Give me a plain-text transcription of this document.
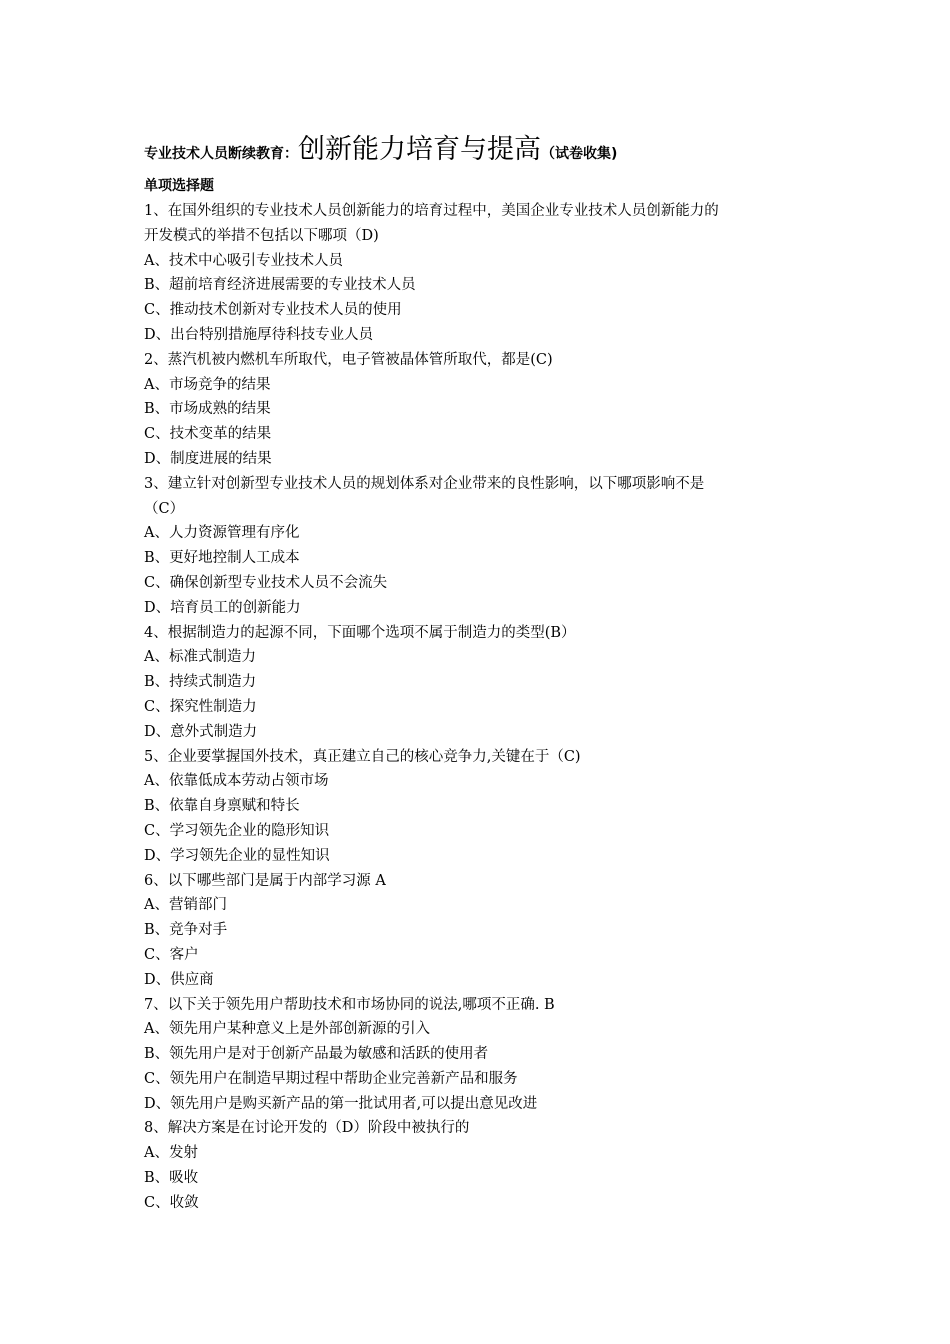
专业技术人员断续教育：创新能力培育与提高（试卷收集)
单项选择题
1、在国外组织的专业技术人员创新能力的培育过程中，美国企业专业技术人员创新能力的
开发模式的举措不包括以下哪项（D)
A、技术中心吸引专业技术人员
B、超前培育经济进展需要的专业技术人员
C、推动技术创新对专业技术人员的使用
D、出台特别措施厚待科技专业人员
2、蒸汽机被内燃机车所取代，电子管被晶体管所取代，都是(C)
A、市场竞争的结果
B、市场成熟的结果
C、技术变革的结果
D、制度进展的结果
3、建立针对创新型专业技术人员的规划体系对企业带来的良性影响，以下哪项影响不是
（C）
A、人力资源管理有序化
B、更好地控制人工成本
C、确保创新型专业技术人员不会流失
D、培育员工的创新能力
4、根据制造力的起源不同，下面哪个选项不属于制造力的类型(B）
A、标准式制造力
B、持续式制造力
C、探究性制造力
D、意外式制造力
5、企业要掌握国外技术，真正建立自己的核心竞争力,关键在于（C)
A、依靠低成本劳动占领市场
B、依靠自身禀赋和特长
C、学习领先企业的隐形知识
D、学习领先企业的显性知识
6、以下哪些部门是属于内部学习源 A
A、营销部门
B、竞争对手
C、客户
D、供应商
7、以下关于领先用户帮助技术和市场协同的说法,哪项不正确. B
A、领先用户某种意义上是外部创新源的引入
B、领先用户是对于创新产品最为敏感和活跃的使用者
C、领先用户在制造早期过程中帮助企业完善新产品和服务
D、领先用户是购买新产品的第一批试用者,可以提出意见改进
8、解决方案是在讨论开发的（D）阶段中被执行的
A、发射
B、吸收
C、收敛
